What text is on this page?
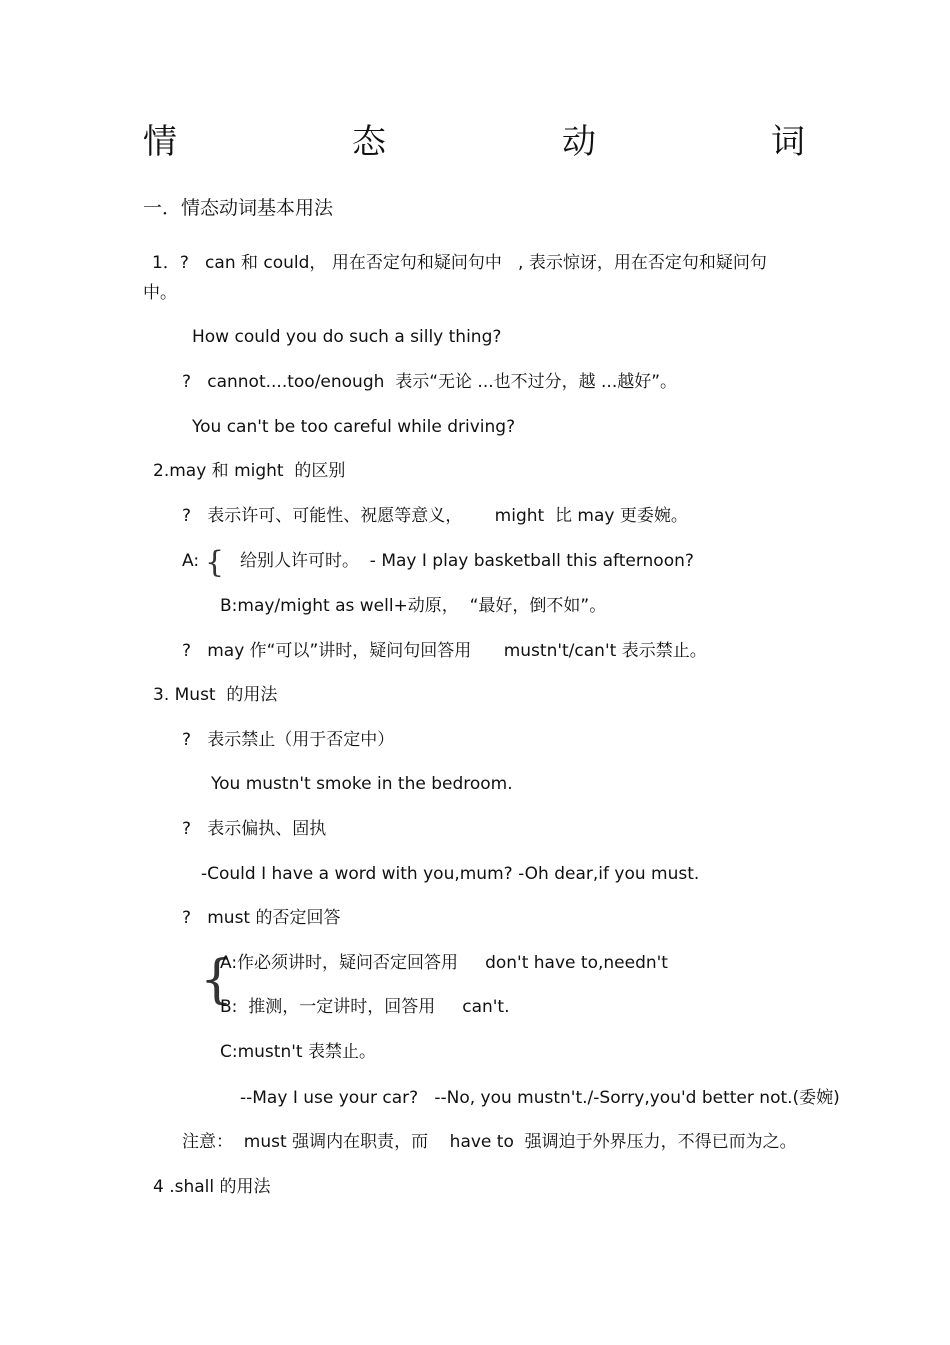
情	态	动	词

一．情态动词基本用法

1．?   can 和 could， 用在否定句和疑问句中   , 表示惊讶，用在否定句和疑问句

中。

How could you do such a silly thing?

?   cannot....too/enough  表示“无论 ...也不过分，越 ...越好”。

You can't be too careful while driving?

2.may 和 might  的区别

?   表示许可、可能性、祝愿等意义，      might  比 may 更委婉。

A: { 给别人许可时。  - May I play basketball this afternoon?

B:may/might as well+动原，  “最好，倒不如”。

?   may 作“可以”讲时，疑问句回答用      mustn't/can't 表示禁止。

3. Must  的用法

?   表示禁止（用于否定中）

You mustn't smoke in the bedroom.

?   表示偏执、固执

-Could I have a word with you,mum? -Oh dear,if you must.

?   must 的否定回答

{

A:作必须讲时，疑问否定回答用     don't have to,needn't

B:  推测，一定讲时，回答用     can't.

C:mustn't 表禁止。

--May I use your car?   --No, you mustn't./-Sorry,you'd better not.(委婉)

注意：  must 强调内在职责，而    have to  强调迫于外界压力，不得已而为之。

4 .shall 的用法
